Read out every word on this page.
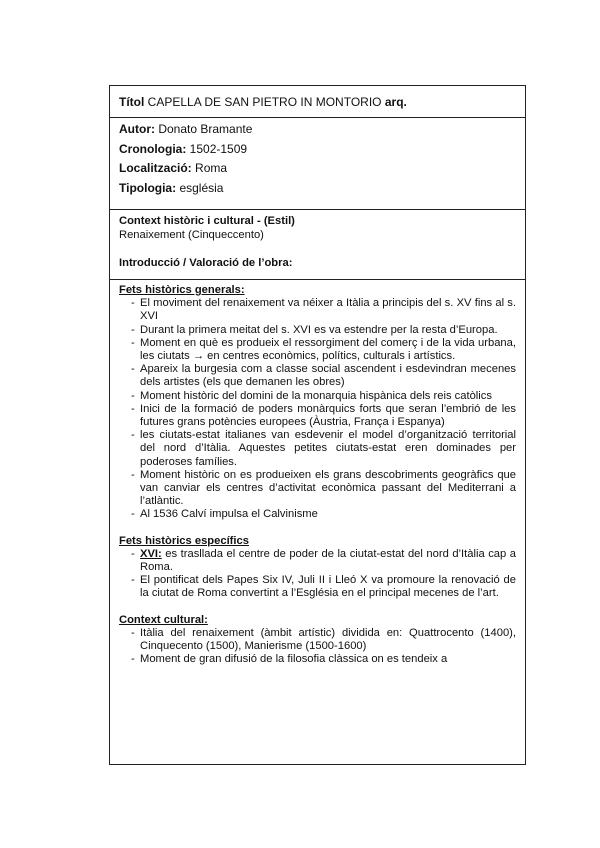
Títol CAPELLA DE SAN PIETRO IN MONTORIO arq.
Autor: Donato Bramante
Cronologia: 1502-1509
Localització: Roma
Tipologia: església
Context històric i cultural - (Estil)
Renaixement (Cinqueccento)
Introducció / Valoració de l’obra:
Fets històrics generals:
- El moviment del renaixement va néixer a Itàlia a principis del s. XV fins al s. XVI
- Durant la primera meitat del s. XVI es va estendre per la resta d’Europa.
- Moment en què es produeix el ressorgiment del comerç i de la vida urbana, les ciutats → en centres econòmics, polítics, culturals i artístics.
- Apareix la burgesia com a classe social ascendent i esdevindran mecenes dels artistes (els que demanen les obres)
- Moment històric del domini de la monarquia hispànica dels reis catòlics
- Inici de la formació de poders monàrquics forts que seran l’embrió de les futures grans potències europees (Àustria, França i Espanya)
- les ciutats-estat italianes van esdevenir el model d’organització territorial del nord d’Itàlia. Aquestes petites ciutats-estat eren dominades per poderoses famílies.
- Moment històric on es produeixen els grans descobriments geogràfics que van canviar els centres d’activitat econòmica passant del Mediterrani a l’atlàntic.
- Al 1536 Calví impulsa el Calvinisme
Fets històrics específics
- XVI: es trasllada el centre de poder de la ciutat-estat del nord d’Itàlia cap a Roma.
- El pontificat dels Papes Six IV, Juli II i Lleó X va promoure la renovació de la ciutat de Roma convertint a l’Església en el principal mecenes de l’art.
Context cultural:
- Itàlia del renaixement (àmbit artístic) dividida en: Quattrocento (1400), Cinquecento (1500), Manierisme (1500-1600)
- Moment de gran difusió de la filosofia clàssica on es tendeix a
